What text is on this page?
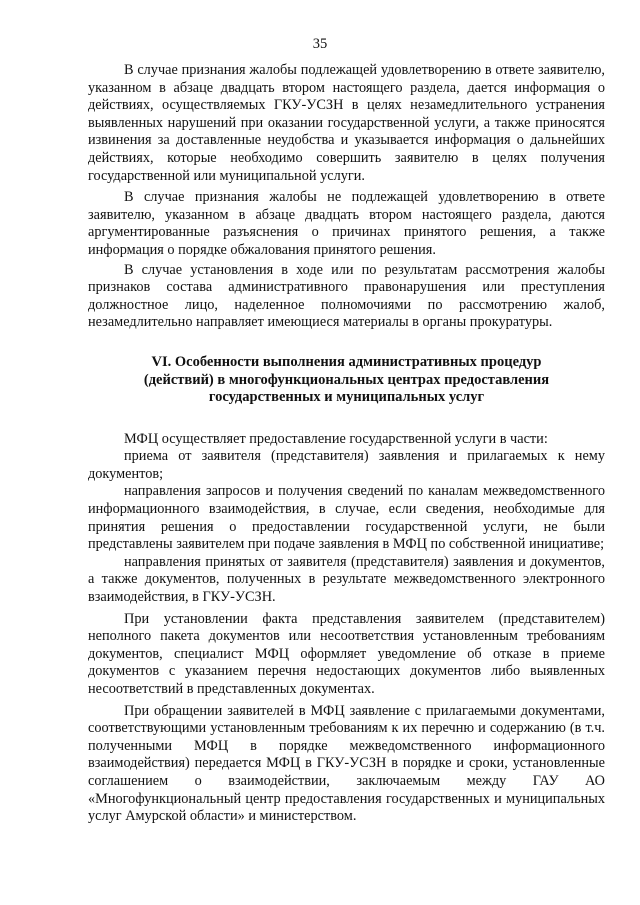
35

В случае признания жалобы подлежащей удовлетворению в ответе заявителю, указанном в абзаце двадцать втором настоящего раздела, дается информация о действиях, осуществляемых ГКУ-УСЗН в целях незамедлительного устранения выявленных нарушений при оказании государственной услуги, а также приносятся извинения за доставленные неудобства и указывается информация о дальнейших действиях, которые необходимо совершить заявителю в целях получения государственной или муниципальной услуги.

В случае признания жалобы не подлежащей удовлетворению в ответе заявителю, указанном в абзаце двадцать втором настоящего раздела, даются аргументированные разъяснения о причинах принятого решения, а также информация о порядке обжалования принятого решения.

В случае установления в ходе или по результатам рассмотрения жалобы признаков состава административного правонарушения или преступления должностное лицо, наделенное полномочиями по рассмотрению жалоб, незамедлительно направляет имеющиеся материалы в органы прокуратуры.

VI. Особенности выполнения административных процедур
(действий) в многофункциональных центрах предоставления
государственных и муниципальных услуг

МФЦ осуществляет предоставление государственной услуги в части:

приема от заявителя (представителя) заявления и прилагаемых к нему документов;

направления запросов и получения сведений по каналам межведомственного информационного взаимодействия, в случае, если сведения, необходимые для принятия решения о предоставлении государственной услуги, не были представлены заявителем при подаче заявления в МФЦ по собственной инициативе;

направления принятых от заявителя (представителя) заявления и документов, а также документов, полученных в результате межведомственного электронного взаимодействия, в ГКУ-УСЗН.

При установлении факта представления заявителем (представителем) неполного пакета документов или несоответствия установленным требованиям документов, специалист МФЦ оформляет уведомление об отказе в приеме документов с указанием перечня недостающих документов либо выявленных несоответствий в представленных документах.

При обращении заявителей в МФЦ заявление с прилагаемыми документами, соответствующими установленным требованиям к их перечню и содержанию (в т.ч. полученными МФЦ в порядке межведомственного информационного взаимодействия) передается МФЦ в ГКУ-УСЗН в порядке и сроки, установленные соглашением о взаимодействии, заключаемым между ГАУ АО «Многофункциональный центр предоставления государственных и муниципальных услуг Амурской области» и министерством.
